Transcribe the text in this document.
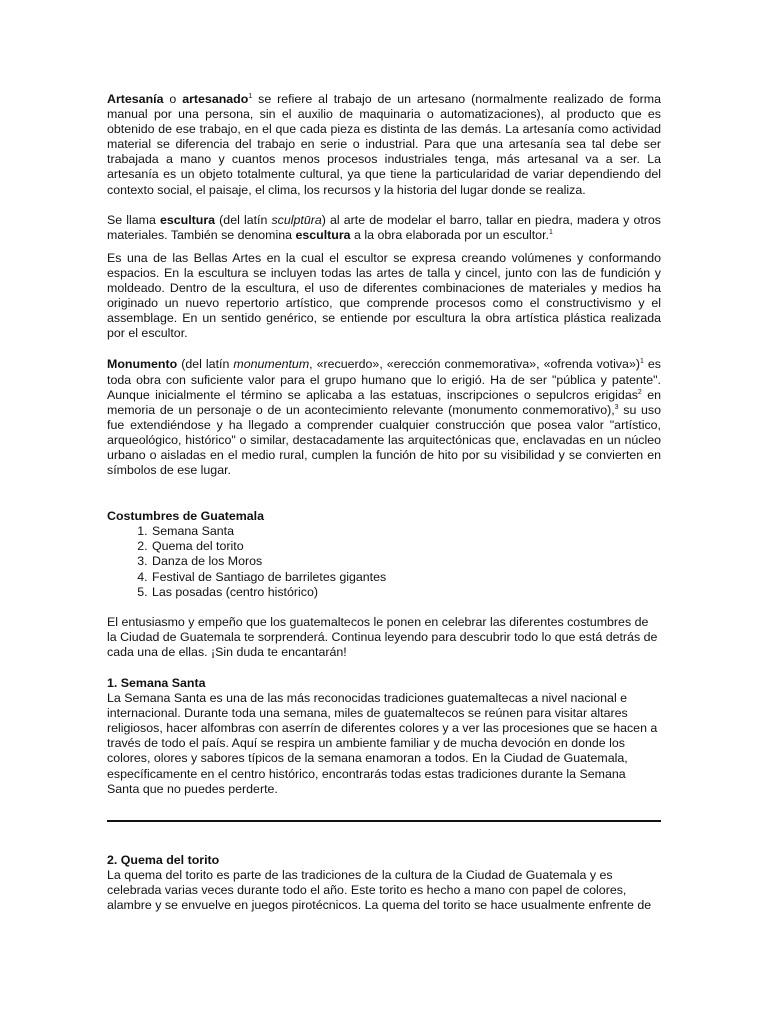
Artesanía o artesanado$^1$ se refiere al trabajo de un artesano (normalmente realizado de forma manual por una persona, sin el auxilio de maquinaria o automatizaciones), al producto que es obtenido de ese trabajo, en el que cada pieza es distinta de las demás. La artesanía como actividad material se diferencia del trabajo en serie o industrial. Para que una artesanía sea tal debe ser trabajada a mano y cuantos menos procesos industriales tenga, más artesanal va a ser. La artesanía es un objeto totalmente cultural, ya que tiene la particularidad de variar dependiendo del contexto social, el paisaje, el clima, los recursos y la historia del lugar donde se realiza.

Se llama escultura (del latín sculptūra) al arte de modelar el barro, tallar en piedra, madera y otros materiales. También se denomina escultura a la obra elaborada por un escultor.$^1$

Es una de las Bellas Artes en la cual el escultor se expresa creando volúmenes y conformando espacios. En la escultura se incluyen todas las artes de talla y cincel, junto con las de fundición y moldeado. Dentro de la escultura, el uso de diferentes combinaciones de materiales y medios ha originado un nuevo repertorio artístico, que comprende procesos como el constructivismo y el assemblage. En un sentido genérico, se entiende por escultura la obra artística plástica realizada por el escultor.

Monumento (del latín monumentum, «recuerdo», «erección conmemorativa», «ofrenda votiva»)$^1$ es toda obra con suficiente valor para el grupo humano que lo erigió. Ha de ser "pública y patente". Aunque inicialmente el término se aplicaba a las estatuas, inscripciones o sepulcros erigidas$^2$ en memoria de un personaje o de un acontecimiento relevante (monumento conmemorativo),$^3$ su uso fue extendiéndose y ha llegado a comprender cualquier construcción que posea valor "artístico, arqueológico, histórico" o similar, destacadamente las arquitectónicas que, enclavadas en un núcleo urbano o aisladas en el medio rural, cumplen la función de hito por su visibilidad y se convierten en símbolos de ese lugar.

Costumbres de Guatemala

1. Semana Santa
2. Quema del torito
3. Danza de los Moros
4. Festival de Santiago de barriletes gigantes
5. Las posadas (centro histórico)

El entusiasmo y empeño que los guatemaltecos le ponen en celebrar las diferentes costumbres de la Ciudad de Guatemala te sorprenderá. Continua leyendo para descubrir todo lo que está detrás de cada una de ellas. ¡Sin duda te encantarán!

1. Semana Santa

La Semana Santa es una de las más reconocidas tradiciones guatemaltecas a nivel nacional e internacional. Durante toda una semana, miles de guatemaltecos se reúnen para visitar altares religiosos, hacer alfombras con aserrín de diferentes colores y a ver las procesiones que se hacen a través de todo el país. Aquí se respira un ambiente familiar y de mucha devoción en donde los colores, olores y sabores típicos de la semana enamoran a todos. En la Ciudad de Guatemala, específicamente en el centro histórico, encontrarás todas estas tradiciones durante la Semana Santa que no puedes perderte.

2. Quema del torito

La quema del torito es parte de las tradiciones de la cultura de la Ciudad de Guatemala y es celebrada varias veces durante todo el año. Este torito es hecho a mano con papel de colores, alambre y se envuelve en juegos pirotécnicos. La quema del torito se hace usualmente enfrente de
